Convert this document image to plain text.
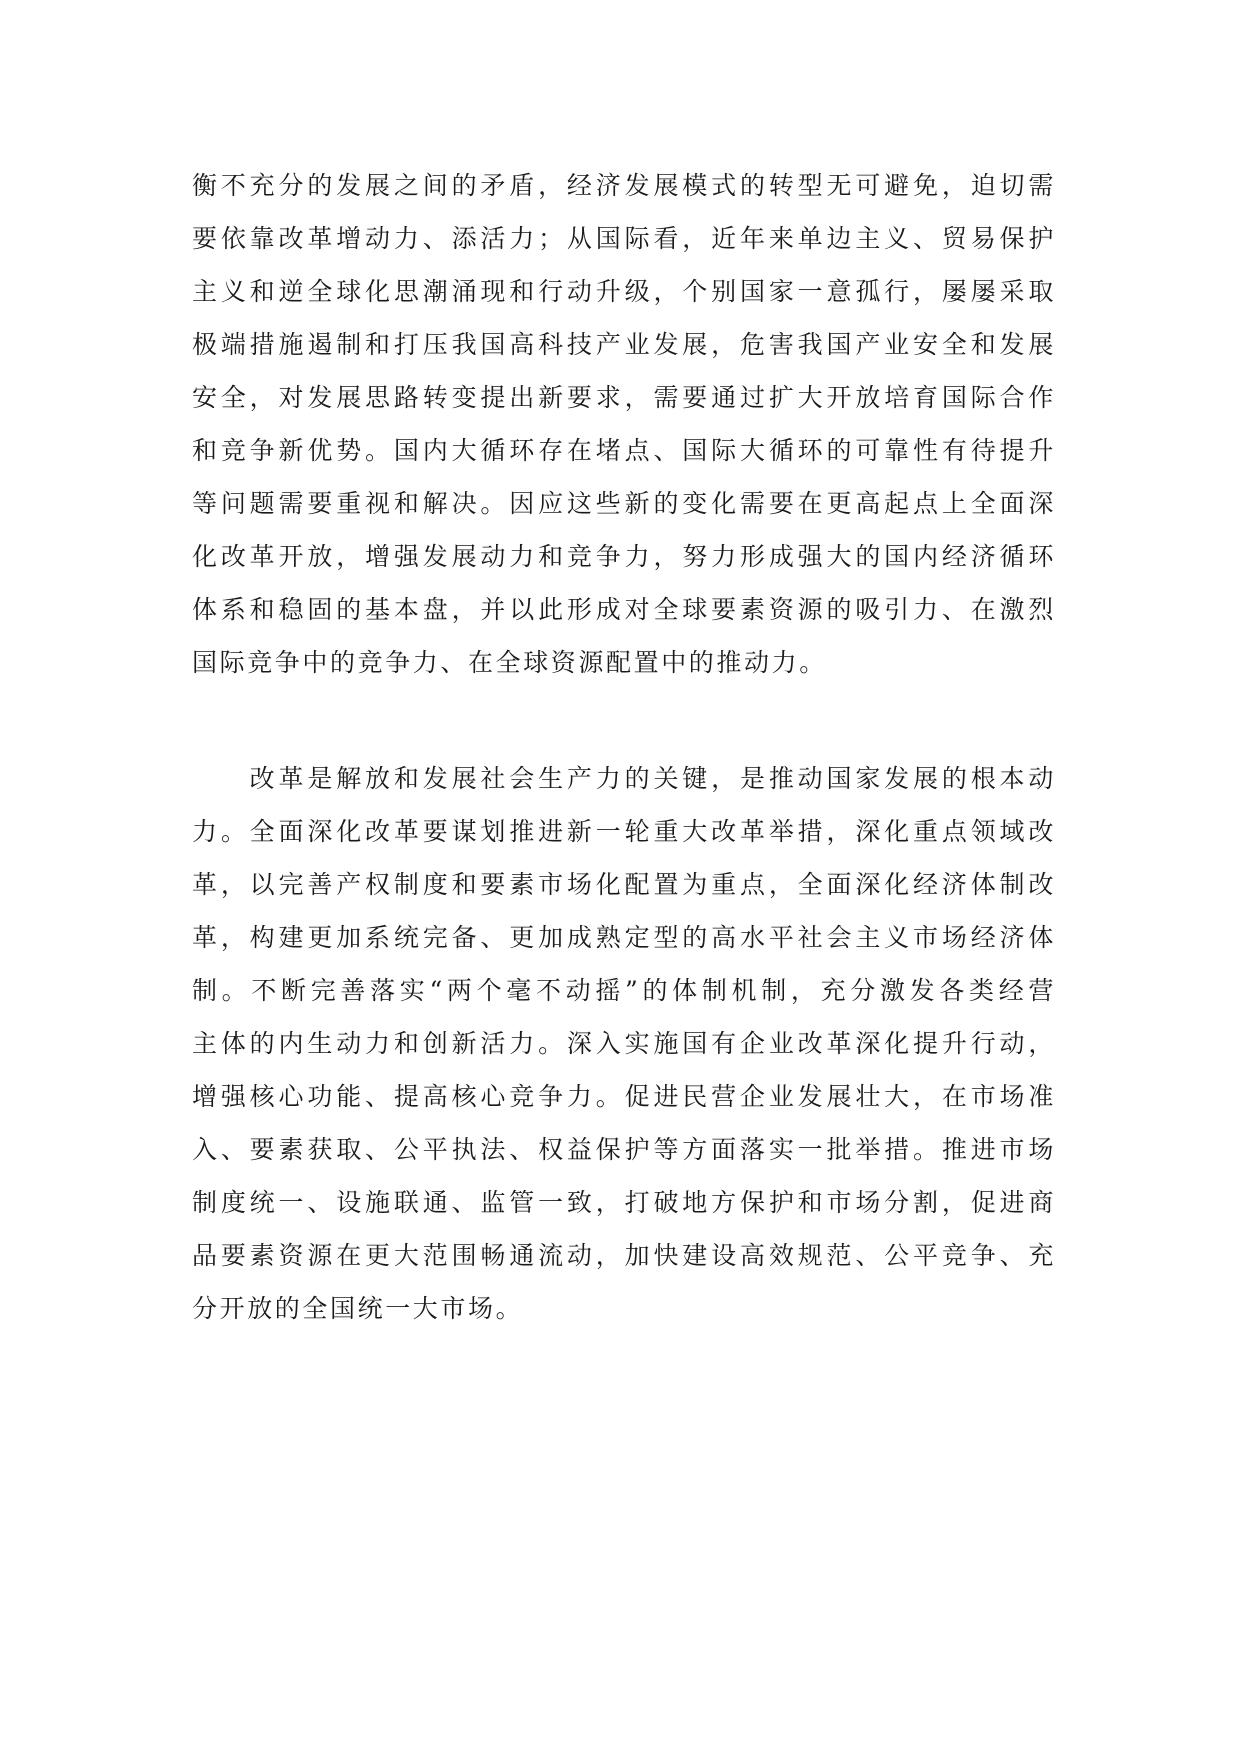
衡不充分的发展之间的矛盾，经济发展模式的转型无可避免，迫切需
要依靠改革增动力、添活力；从国际看，近年来单边主义、贸易保护
主义和逆全球化思潮涌现和行动升级，个别国家一意孤行，屡屡采取
极端措施遏制和打压我国高科技产业发展，危害我国产业安全和发展
安全，对发展思路转变提出新要求，需要通过扩大开放培育国际合作
和竞争新优势。国内大循环存在堵点、国际大循环的可靠性有待提升
等问题需要重视和解决。因应这些新的变化需要在更高起点上全面深
化改革开放，增强发展动力和竞争力，努力形成强大的国内经济循环
体系和稳固的基本盘，并以此形成对全球要素资源的吸引力、在激烈
国际竞争中的竞争力、在全球资源配置中的推动力。
　　改革是解放和发展社会生产力的关键，是推动国家发展的根本动
力。全面深化改革要谋划推进新一轮重大改革举措，深化重点领域改
革，以完善产权制度和要素市场化配置为重点，全面深化经济体制改
革，构建更加系统完备、更加成熟定型的高水平社会主义市场经济体
制。不断完善落实“两个毫不动摇”的体制机制，充分激发各类经营
主体的内生动力和创新活力。深入实施国有企业改革深化提升行动，
增强核心功能、提高核心竞争力。促进民营企业发展壮大，在市场准
入、要素获取、公平执法、权益保护等方面落实一批举措。推进市场
制度统一、设施联通、监管一致，打破地方保护和市场分割，促进商
品要素资源在更大范围畅通流动，加快建设高效规范、公平竞争、充
分开放的全国统一大市场。
